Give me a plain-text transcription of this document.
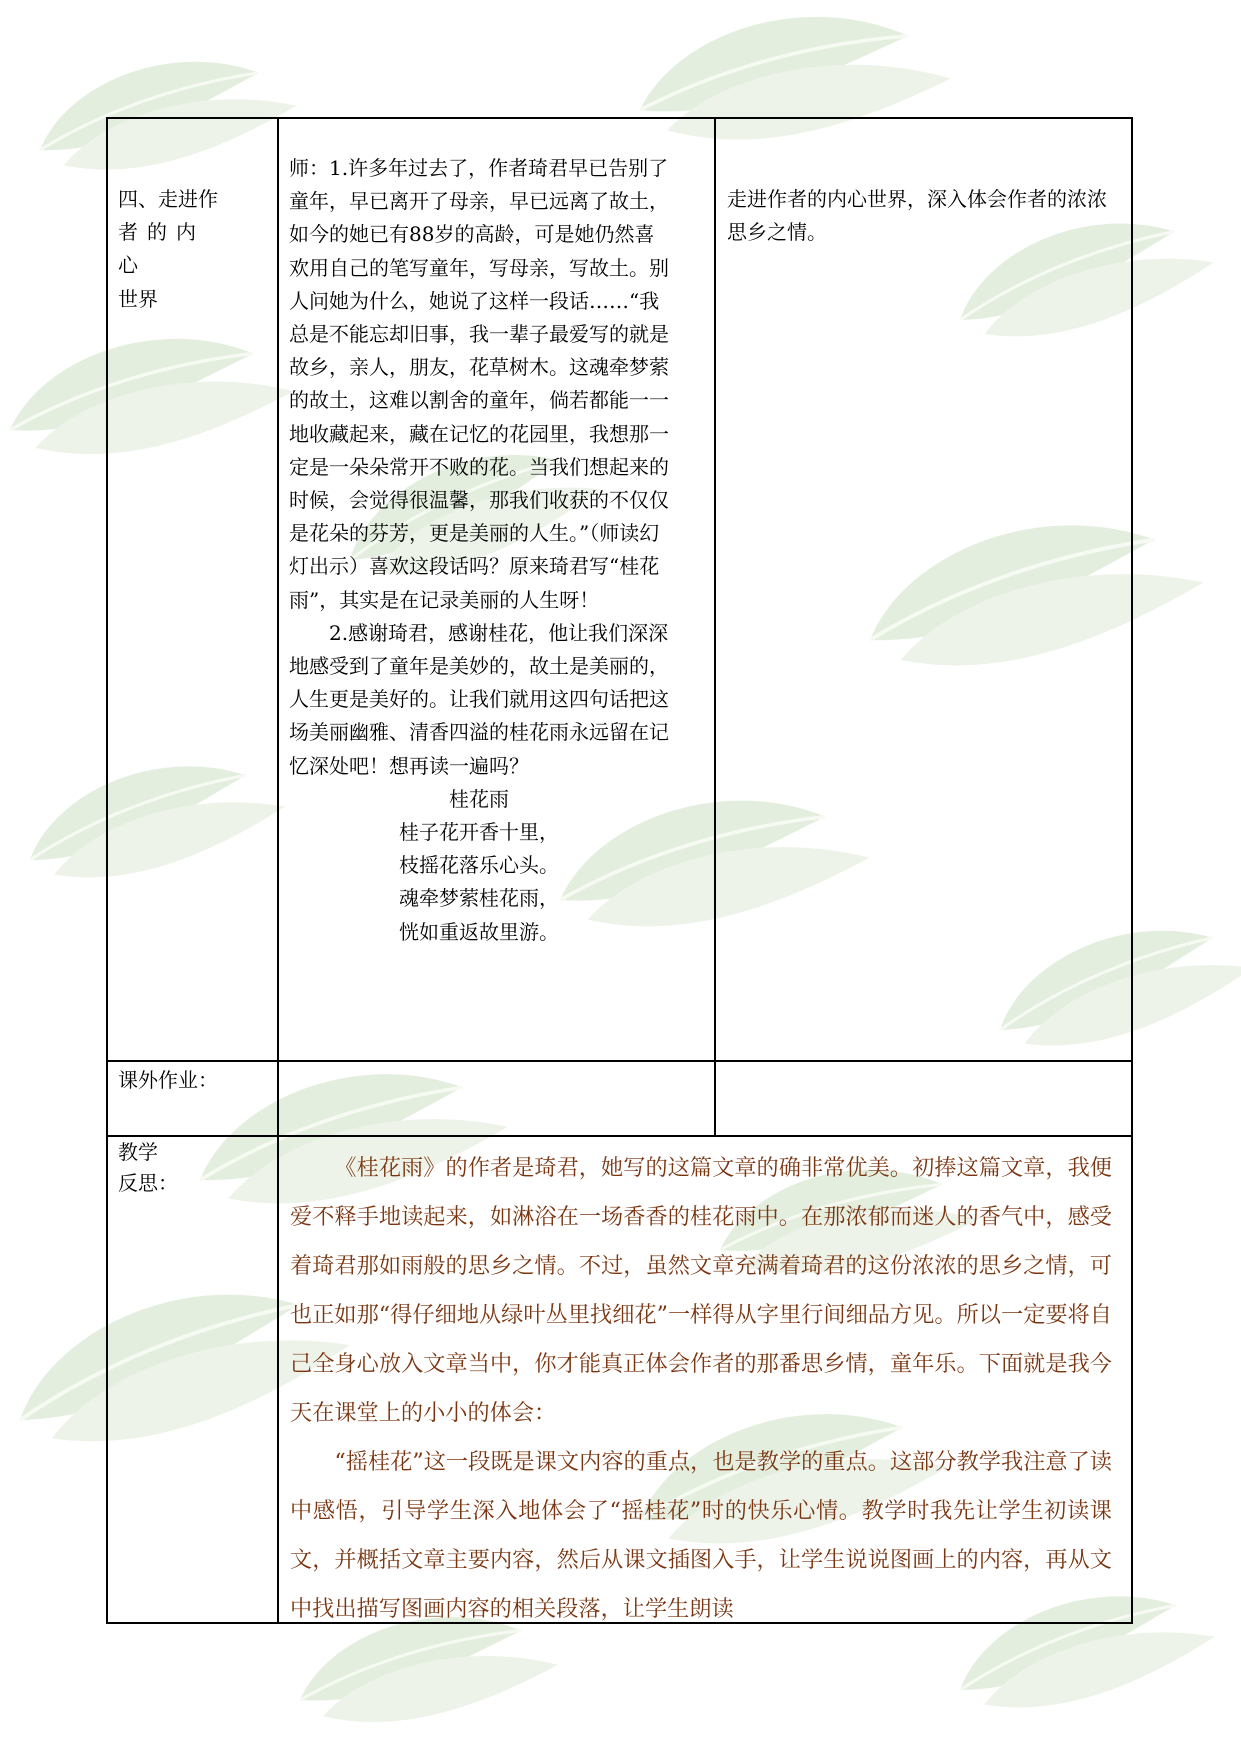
四、走进作
者的内心
世界

师：1.许多年过去了，作者琦君早已告别了童年，早已离开了母亲，早已远离了故土，如今的她已有88岁的高龄，可是她仍然喜欢用自己的笔写童年，写母亲，写故土。别人问她为什么，她说了这样一段话……“我总是不能忘却旧事，我一辈子最爱写的就是故乡，亲人，朋友，花草树木。这魂牵梦萦的故土，这难以割舍的童年，倘若都能一一地收藏起来，藏在记忆的花园里，我想那一定是一朵朵常开不败的花。当我们想起来的时候，会觉得很温馨，那我们收获的不仅仅是花朵的芬芳，更是美丽的人生。”（师读幻灯出示）喜欢这段话吗？原来琦君写“桂花雨”，其实是在记录美丽的人生呀！

2.感谢琦君，感谢桂花，他让我们深深地感受到了童年是美妙的，故土是美丽的，人生更是美好的。让我们就用这四句话把这场美丽幽雅、清香四溢的桂花雨永远留在记忆深处吧！想再读一遍吗？

桂花雨
桂子花开香十里，
枝摇花落乐心头。
魂牵梦萦桂花雨，
恍如重返故里游。
走进作者的内心世界，深入体会作者的浓浓思乡之情。
课外作业：
教学
反思：

《桂花雨》的作者是琦君，她写的这篇文章的确非常优美。初捧这篇文章，我便爱不释手地读起来，如淋浴在一场香香的桂花雨中。在那浓郁而迷人的香气中，感受着琦君那如雨般的思乡之情。不过，虽然文章充满着琦君的这份浓浓的思乡之情，可也正如那“得仔细地从绿叶丛里找细花”一样得从字里行间细品方见。所以一定要将自己全身心放入文章当中，你才能真正体会作者的那番思乡情，童年乐。下面就是我今天在课堂上的小小的体会：

“摇桂花”这一段既是课文内容的重点，也是教学的重点。这部分教学我注意了读中感悟，引导学生深入地体会了“摇桂花”时的快乐心情。教学时我先让学生初读课文，并概括文章主要内容，然后从课文插图入手，让学生说说图画上的内容，再从文中找出描写图画内容的相关段落，让学生朗读
